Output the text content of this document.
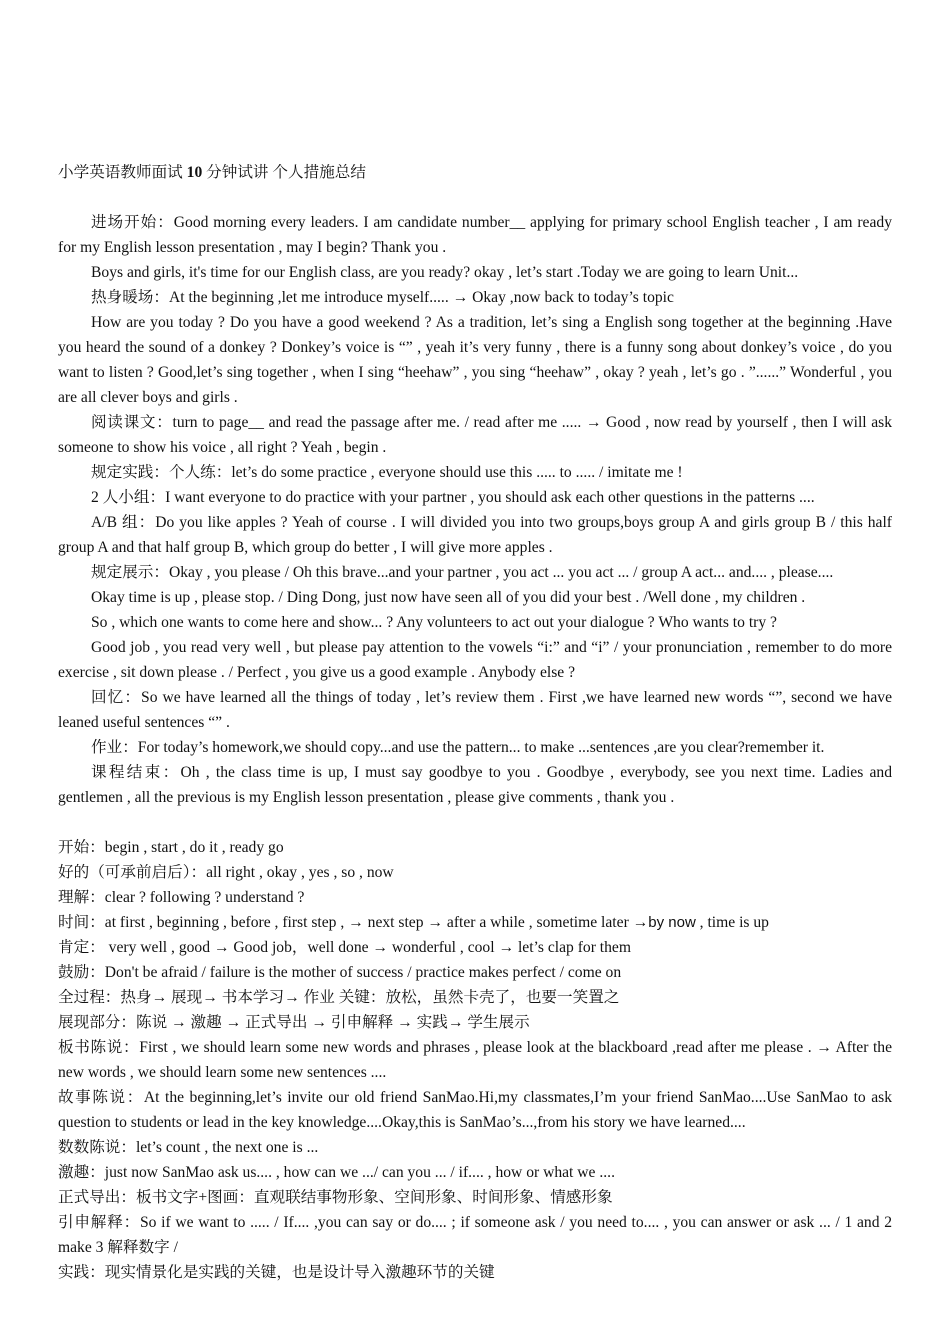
小学英语教师面试 10 分钟试讲 个人措施总结

进场开始：Good morning every leaders. I am candidate number__ applying for primary school English teacher , I am ready for my English lesson presentation , may I begin? Thank you .

Boys and girls, it's time for our English class, are you ready? okay , let’s start .Today we are going to learn Unit...

热身暖场：At the beginning ,let me introduce myself..... → Okay ,now back to today’s topic

How are you today ? Do you have a good weekend ? As a tradition, let’s sing a English song together at the beginning .Have you heard the sound of a donkey ? Donkey’s voice is “” , yeah it’s very funny , there is a funny song about donkey’s voice , do you want to listen ? Good,let’s sing together , when I sing “heehaw” , you sing “heehaw” , okay ? yeah , let’s go . ”......” Wonderful , you are all clever boys and girls .

阅读课文：turn to page__ and read the passage after me. / read after me ..... → Good , now read by yourself , then I will ask someone to show his voice , all right ? Yeah , begin .

规定实践：个人练：let’s do some practice , everyone should use this ..... to ..... / imitate me !

2 人小组：I want everyone to do practice with your partner , you should ask each other questions in the patterns ....

A/B 组：Do you like apples ? Yeah of course . I will divided you into two groups,boys group A and girls group B / this half group A and that half group B, which group do better , I will give more apples .

规定展示：Okay , you please / Oh this brave...and your partner , you act ... you act ... / group A act... and.... , please....

Okay time is up , please stop. / Ding Dong, just now have seen all of you did your best . /Well done , my children .

So , which one wants to come here and show... ? Any volunteers to act out your dialogue ? Who wants to try ?

Good job , you read very well , but please pay attention to the vowels “i:” and “i” / your pronunciation , remember to do more exercise , sit down please . / Perfect , you give us a good example . Anybody else ?

回忆：So we have learned all the things of today , let’s review them . First ,we have learned new words “”, second we have leaned useful sentences “” .

作业：For today’s homework,we should copy...and use the pattern... to make ...sentences ,are you clear?remember it.

课程结束：Oh , the class time is up, I must say goodbye to you . Goodbye , everybody, see you next time. Ladies and gentlemen , all the previous is my English lesson presentation , please give comments , thank you .

开始：begin , start , do it , ready go

好的（可承前启后）：all right , okay , yes , so , now

理解：clear ? following ? understand ?

时间：at first , beginning , before , first step , → next step → after a while , sometime later →by now , time is up

肯定： very well , good → Good job，well done → wonderful , cool → let’s clap for them

鼓励：Don't be afraid / failure is the mother of success / practice makes perfect / come on

全过程：热身→ 展现→ 书本学习→ 作业 关键：放松，虽然卡壳了，也要一笑置之

展现部分：陈说 → 激趣 → 正式导出 → 引申解释 → 实践→ 学生展示

板书陈说：First , we should learn some new words and phrases , please look at the blackboard ,read after me please . → After the new words , we should learn some new sentences ....

故事陈说：At the beginning,let’s invite our old friend SanMao.Hi,my classmates,I’m your friend SanMao....Use SanMao to ask question to students or lead in the key knowledge....Okay,this is SanMao’s...,from his story we have learned....

数数陈说：let’s count , the next one is ...

激趣：just now SanMao ask us.... , how can we .../ can you ... / if.... , how or what we ....

正式导出：板书文字+图画：直观联结事物形象、空间形象、时间形象、情感形象

引申解释：So if we want to ..... / If.... ,you can say or do.... ; if someone ask / you need to.... , you can answer or ask ... / 1 and 2 make 3 解释数字 /

实践：现实情景化是实践的关键，也是设计导入激趣环节的关键
